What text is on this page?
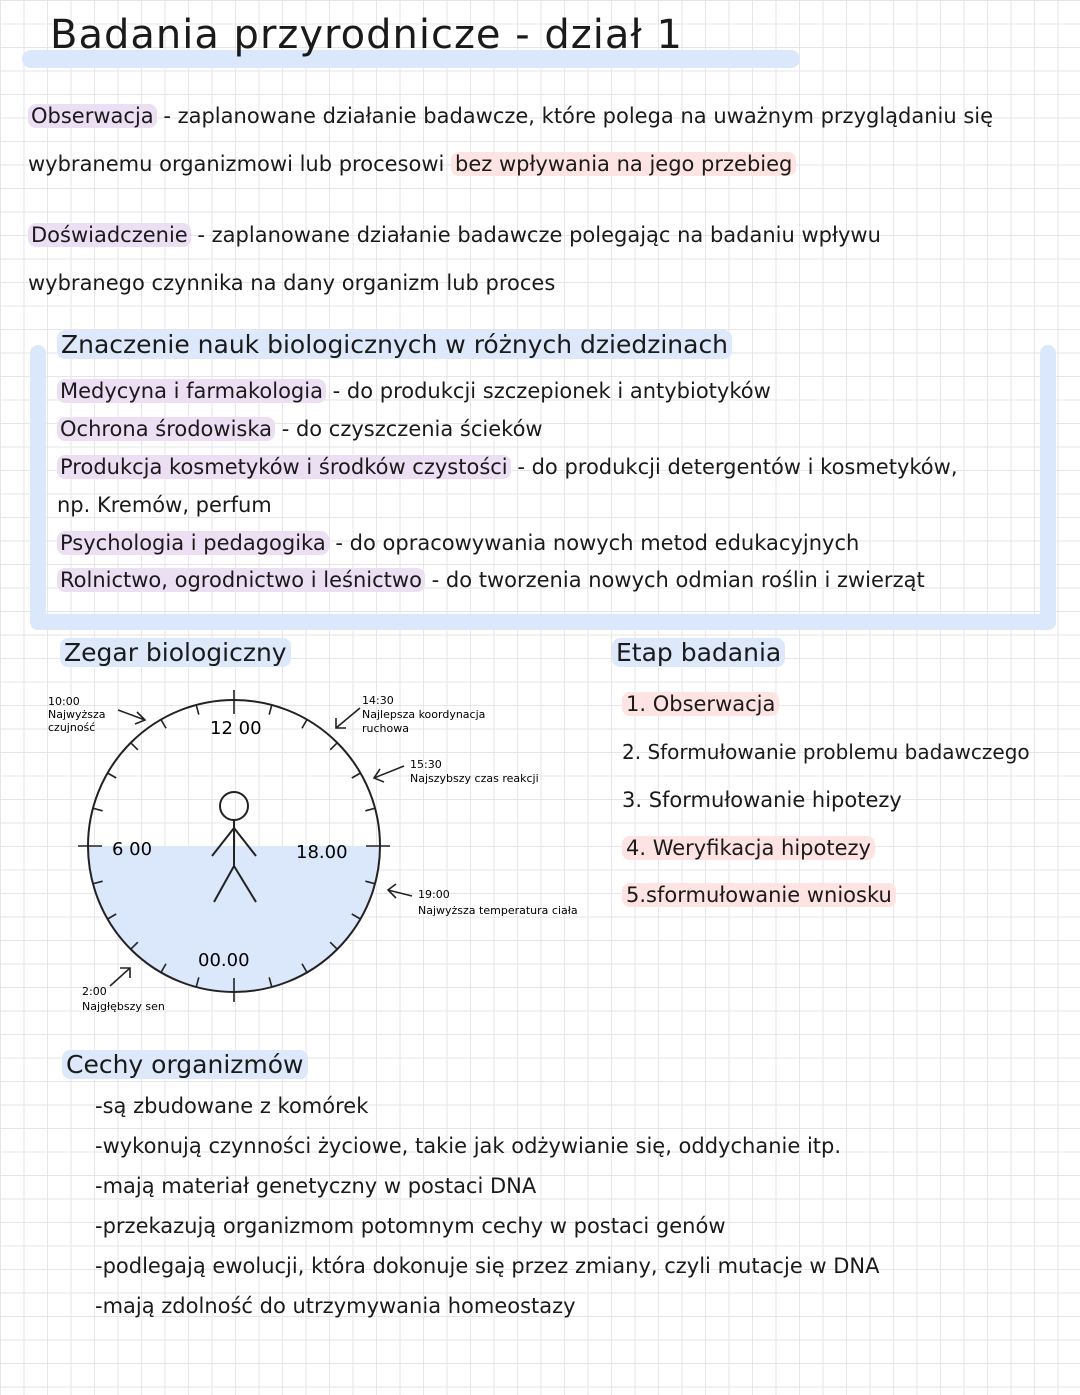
Badania przyrodnicze - dział 1
Obserwacja - zaplanowane działanie badawcze, które polega na uważnym przyglądaniu się
wybranemu organizmowi lub procesowi bez wpływania na jego przebieg
Doświadczenie - zaplanowane działanie badawcze polegając na badaniu wpływu
wybranego czynnika na dany organizm lub proces
Znaczenie nauk biologicznych w różnych dziedzinach
Medycyna i farmakologia - do produkcji szczepionek i antybiotyków
Ochrona środowiska - do czyszczenia ścieków
Produkcja kosmetyków i środków czystości - do produkcji detergentów i kosmetyków,
np. Kremów, perfum
Psychologia i pedagogika - do opracowywania nowych metod edukacyjnych
Rolnictwo, ogrodnictwo i leśnictwo - do tworzenia nowych odmian roślin i zwierząt
Zegar biologiczny
12 00
6 00	18.00
00.00
10:00
Najwyższa
czujność
14:30
Najlepsza koordynacja
ruchowa
15:30
Najszybszy czas reakcji
19:00
Najwyższa temperatura ciała
2:00
Najgłębszy sen
Etap badania
1. Obserwacja
2. Sformułowanie problemu badawczego
3. Sformułowanie hipotezy
4. Weryfikacja hipotezy
5.sformułowanie wniosku
Cechy organizmów
-są zbudowane z komórek
-wykonują czynności życiowe, takie jak odżywianie się, oddychanie itp.
-mają materiał genetyczny w postaci DNA
-przekazują organizmom potomnym cechy w postaci genów
-podlegają ewolucji, która dokonuje się przez zmiany, czyli mutacje w DNA
-mają zdolność do utrzymywania homeostazy
